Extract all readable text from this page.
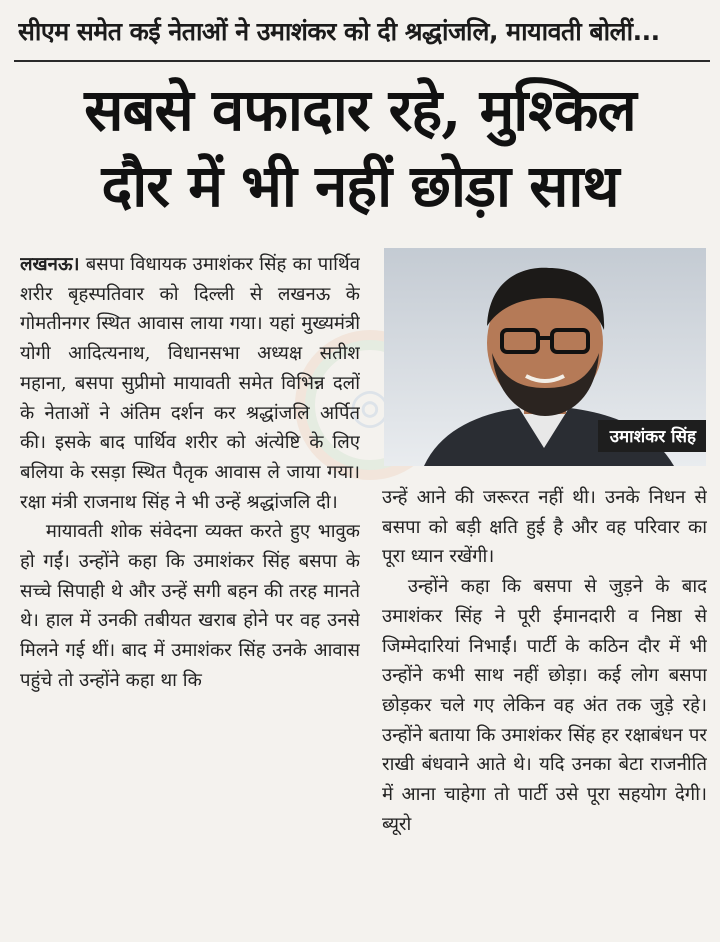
सीएम समेत कई नेताओं ने उमाशंकर को दी श्रद्धांजलि, मायावती बोलीं...
सबसे वफादार रहे, मुश्किल
दौर में भी नहीं छोड़ा साथ
◎

लखनऊ। बसपा विधायक उमाशंकर सिंह का पार्थिव शरीर बृहस्पतिवार को दिल्ली से लखनऊ के गोमतीनगर स्थित आवास लाया गया। यहां मुख्यमंत्री योगी आदित्यनाथ, विधानसभा अध्यक्ष सतीश महाना, बसपा सुप्रीमो मायावती समेत विभिन्न दलों के नेताओं ने अंतिम दर्शन कर श्रद्धांजलि अर्पित की। इसके बाद पार्थिव शरीर को अंत्येष्टि के लिए बलिया के रसड़ा स्थित पैतृक आवास ले जाया गया। रक्षा मंत्री राजनाथ सिंह ने भी उन्हें श्रद्धांजलि दी।

मायावती शोक संवेदना व्यक्त करते हुए भावुक हो गईं। उन्होंने कहा कि उमाशंकर सिंह बसपा के सच्चे सिपाही थे और उन्हें सगी बहन की तरह मानते थे। हाल में उनकी तबीयत खराब होने पर वह उनसे मिलने गई थीं। बाद में उमाशंकर सिंह उनके आवास पहुंचे तो उन्होंने कहा था कि

उमाशंकर सिंह

उन्हें आने की जरूरत नहीं थी। उनके निधन से बसपा को बड़ी क्षति हुई है और वह परिवार का पूरा ध्यान रखेंगी।

उन्होंने कहा कि बसपा से जुड़ने के बाद उमाशंकर सिंह ने पूरी ईमानदारी व निष्ठा से जिम्मेदारियां निभाईं। पार्टी के कठिन दौर में भी उन्होंने कभी साथ नहीं छोड़ा। कई लोग बसपा छोड़कर चले गए लेकिन वह अंत तक जुड़े रहे। उन्होंने बताया कि उमाशंकर सिंह हर रक्षाबंधन पर राखी बंधवाने आते थे। यदि उनका बेटा राजनीति में आना चाहेगा तो पार्टी उसे पूरा सहयोग देगी। ब्यूरो
